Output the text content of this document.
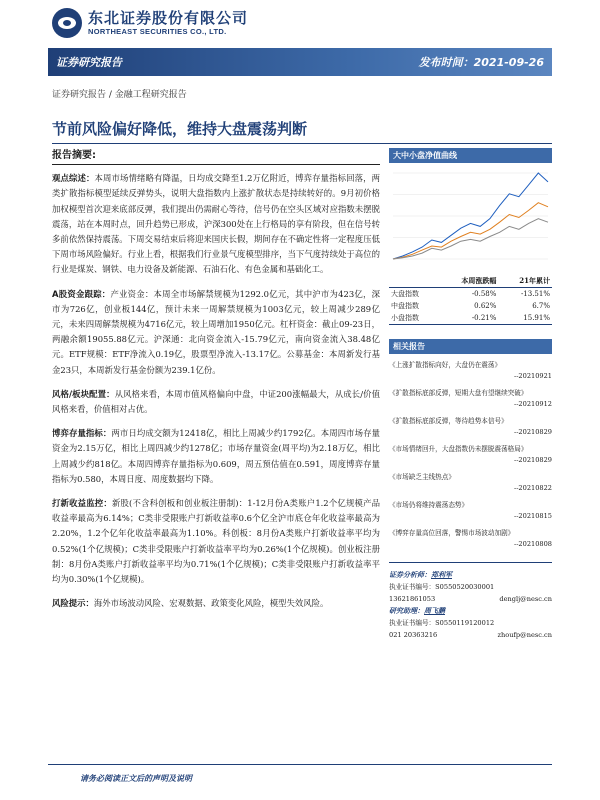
东北证券股份有限公司
NORTHEAST SECURITIES CO., LTD.
证券研究报告	发布时间：2021-09-26
证券研究报告 / 金融工程研究报告
节前风险偏好降低，维持大盘震荡判断
报告摘要:
观点综述：本周市场情绪略有降温，日均成交降至1.2万亿附近，博弈存量指标回落，两类扩散指标模型延续反弹势头，说明大盘指数内上涨扩散状态是持续转好的。9月初价格加权模型首次迎来底部反弹，我们提出仍需耐心等待，信号仍在空头区域对应指数未摆脱震荡，站在本周时点，回升趋势已形成，沪深300处在上行格局的享有阶段，但在信号转多前依然保持震荡。下周交易结束后将迎来国庆长假，期间存在不确定性将一定程度压低下周市场风险偏好。行业上看，根据我们行业景气度模型排序，当下气度持续处于高位的行业是煤炭、钢铁、电力设备及新能源、石油石化、有色金属和基础化工。
A股资金跟踪：产业资金：本周全市场解禁规模为1292.0亿元，其中沪市为423亿，深市为726亿，创业板144亿，预计未来一周解禁规模为1003亿元，较上周减少289亿元，未来四周解禁规模为4716亿元，较上周增加1950亿元。杠杆资金：截止09-23日，两融余额19055.88亿元。沪深通：北向资金流入-15.79亿元，南向资金流入38.48亿元。ETF规模：ETF净流入0.19亿，股票型净流入-13.17亿。公募基金：本周新发行基金23只，本周新发行基金份额为239.1亿份。
风格/板块配置：从风格来看，本周市值风格偏向中盘，中证200涨幅最大，从成长/价值风格来看，价值相对占优。
博弈存量指标：两市日均成交额为12418亿，相比上周减少约1792亿。本周四市场存量资金为2.15万亿，相比上周四减少约1278亿；市场存量资金(周平均)为2.18万亿，相比上周减少约818亿。本周四博弈存量指标为0.609，周五预估值在0.591，周度博弈存量指标为0.580，本周日度、周度数据均下降。
打新收益监控：新股(不含科创板和创业板注册制)：1-12月份A类账户1.2个亿规模产品收益率最高为6.14%；C类非受限账户打新收益率0.6个亿全沪市底仓年化收益率最高为2.20%，1.2个亿年化收益率最高为1.10%。科创板：8月份A类账户打新收益率平均为0.52%(1个亿规模)；C类非受限账户打新收益率平均为0.26%(1个亿规模)。创业板注册制：8月份A类账户打新收益率平均为0.71%(1个亿规模)；C类非受限账户打新收益率平均为0.30%(1个亿规模)。
风险提示：海外市场波动风险、宏观数据、政策变化风险，模型失效风险。
大中小盘净值曲线
	本周涨跌幅	21年累计
大盘指数	-0.58%	-13.51%
中盘指数	0.62%	6.7%
小盘指数	-0.21%	15.91%
相关报告
《上涨扩散指标向好，大盘仍在震荡》
--20210921
《扩散指标底部反弹，短期大盘有望继续突破》
--20210912
《扩散指标底部反弹，等待趋势本信号》
--20210829
《市场情绪回升，大盘指数仍未摆脱震荡格局》
--20210829
《市场缺乏主线热点》
--20210822
《市场仍将维持震荡态势》
--20210815
《博弈存量高位回落，警惕市场波动加剧》
--20210808
证券分析师：郑利军
执业证书编号：S0550520030001
13621861053	denglj@nesc.cn
研究助理：周飞鹏
执业证书编号：S0550119120012
021 20363216	zhoufp@nesc.cn
请务必阅读正文后的声明及说明
